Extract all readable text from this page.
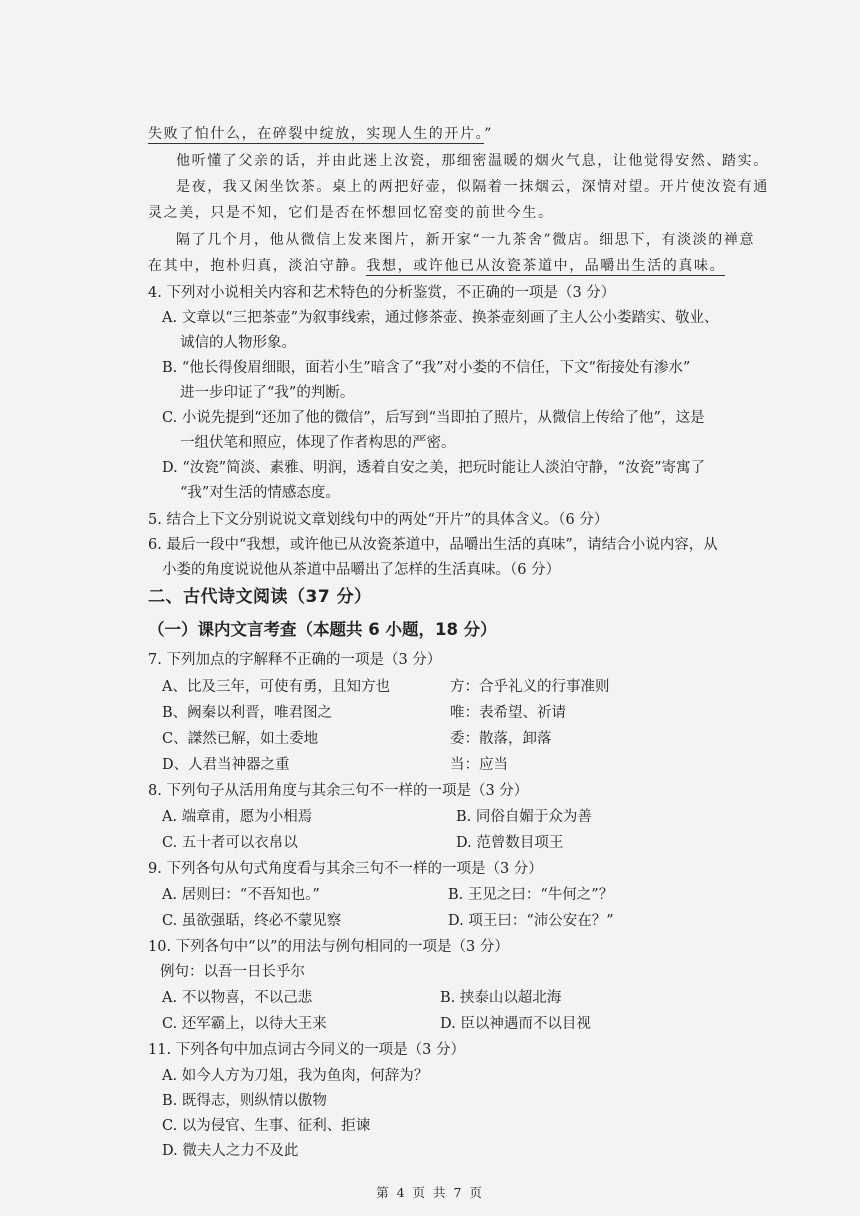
失败了怕什么，在碎裂中绽放，实现人生的开片。”
他听懂了父亲的话，并由此迷上汝瓷，那细密温暖的烟火气息，让他觉得安然、踏实。
是夜，我又闲坐饮茶。桌上的两把好壶，似隔着一抹烟云，深情对望。开片使汝瓷有通
灵之美，只是不知，它们是否在怀想回忆窑变的前世今生。
隔了几个月，他从微信上发来图片，新开家“一九茶舍”微店。细思下，有淡淡的禅意
在其中，抱朴归真，淡泊守静。我想，或许他已从汝瓷茶道中，品嚼出生活的真味。
4. 下列对小说相关内容和艺术特色的分析鉴赏，不正确的一项是（3 分）
A. 文章以“三把茶壶”为叙事线索，通过修茶壶、换茶壶刻画了主人公小娄踏实、敬业、
诚信的人物形象。
B. “他长得俊眉细眼，面若小生”暗含了“我”对小娄的不信任，下文“衔接处有渗水”
进一步印证了“我”的判断。
C. 小说先提到“还加了他的微信”，后写到“当即拍了照片，从微信上传给了他”，这是
一组伏笔和照应，体现了作者构思的严密。
D. “汝瓷”简淡、素雅、明润，透着自安之美，把玩时能让人淡泊守静，“汝瓷”寄寓了
“我”对生活的情感态度。
5. 结合上下文分别说说文章划线句中的两处“开片”的具体含义。（6 分）
6. 最后一段中“我想，或许他已从汝瓷茶道中，品嚼出生活的真味”，请结合小说内容，从
小娄的角度说说他从茶道中品嚼出了怎样的生活真味。（6 分）
二、古代诗文阅读（37 分）
（一）课内文言考查（本题共 6 小题，18 分）
7. 下列加点的字解释不正确的一项是（3 分）
A、比及三年，可使有勇，且知方也	方：合乎礼义的行事准则
B、阙秦以利晋，唯君图之	唯：表希望、祈请
C、謋然已解，如土委地	委：散落，卸落
D、人君当神器之重	当：应当
8. 下列句子从活用角度与其余三句不一样的一项是（3 分）
A. 端章甫，愿为小相焉	B. 同俗自媚于众为善
C. 五十者可以衣帛以	D. 范曾数目项王
9. 下列各句从句式角度看与其余三句不一样的一项是（3 分）
A. 居则曰：“不吾知也。”	B. 王见之曰：“牛何之”？
C. 虽欲强聒，终必不蒙见察	D. 项王曰：“沛公安在？”
10. 下列各句中“以”的用法与例句相同的一项是（3 分）
例句：以吾一日长乎尔
A. 不以物喜，不以己悲	B. 挟泰山以超北海
C. 还军霸上，以待大王来	D. 臣以神遇而不以目视
11. 下列各句中加点词古今同义的一项是（3 分）
A. 如今人方为刀俎，我为鱼肉，何辞为？
B. 既得志，则纵情以傲物
C. 以为侵官、生事、征利、拒谏
D. 微夫人之力不及此
第 4 页 共 7 页
